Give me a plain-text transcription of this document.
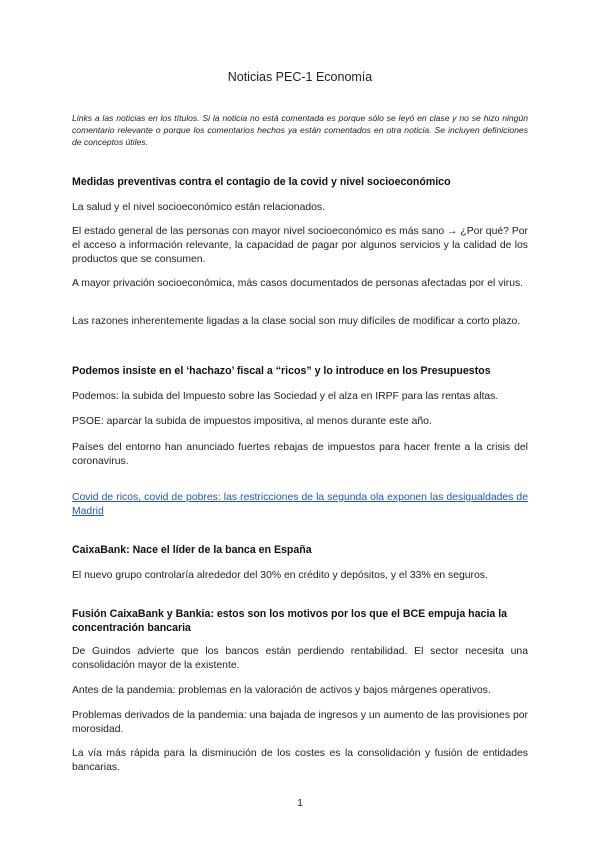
Noticias PEC-1 Economía
Links a las noticias en los títulos. Si la noticia no está comentada es porque sólo se leyó en clase y no se hizo ningún comentario relevante o porque los comentarios hechos ya están comentados en otra noticia. Se incluyen definiciones de conceptos útiles.
Medidas preventivas contra el contagio de la covid y nivel socioeconómico
La salud y el nivel socioeconómico están relacionados.
El estado general de las personas con mayor nivel socioeconómico es más sano → ¿Por qué? Por el acceso a información relevante, la capacidad de pagar por algunos servicios y la calidad de los productos que se consumen.
A mayor privación socioeconómica, más casos documentados de personas afectadas por el virus.
Las razones inherentemente ligadas a la clase social son muy difíciles de modificar a corto plazo.
Podemos insiste en el ‘hachazo’ fiscal a “ricos” y lo introduce en los Presupuestos
Podemos: la subida del Impuesto sobre las Sociedad y el alza en IRPF para las rentas altas.
PSOE: aparcar la subida de impuestos impositiva, al menos durante este año.
Países del entorno han anunciado fuertes rebajas de impuestos para hacer frente a la crisis del coronavirus.
Covid de ricos, covid de pobres: las restricciones de la segunda ola exponen las desigualdades de Madrid
CaixaBank: Nace el líder de la banca en España
El nuevo grupo controlaría alrededor del 30% en crédito y depósitos, y el 33% en seguros.
Fusión CaixaBank y Bankia: estos son los motivos por los que el BCE empuja hacia la concentración bancaria
De Guindos advierte que los bancos están perdiendo rentabilidad. El sector necesita una consolidación mayor de la existente.
Antes de la pandemia: problemas en la valoración de activos y bajos márgenes operativos.
Problemas derivados de la pandemia: una bajada de ingresos y un aumento de las provisiones por morosidad.
La vía más rápida para la disminución de los costes es la consolidación y fusión de entidades bancarias.
1
